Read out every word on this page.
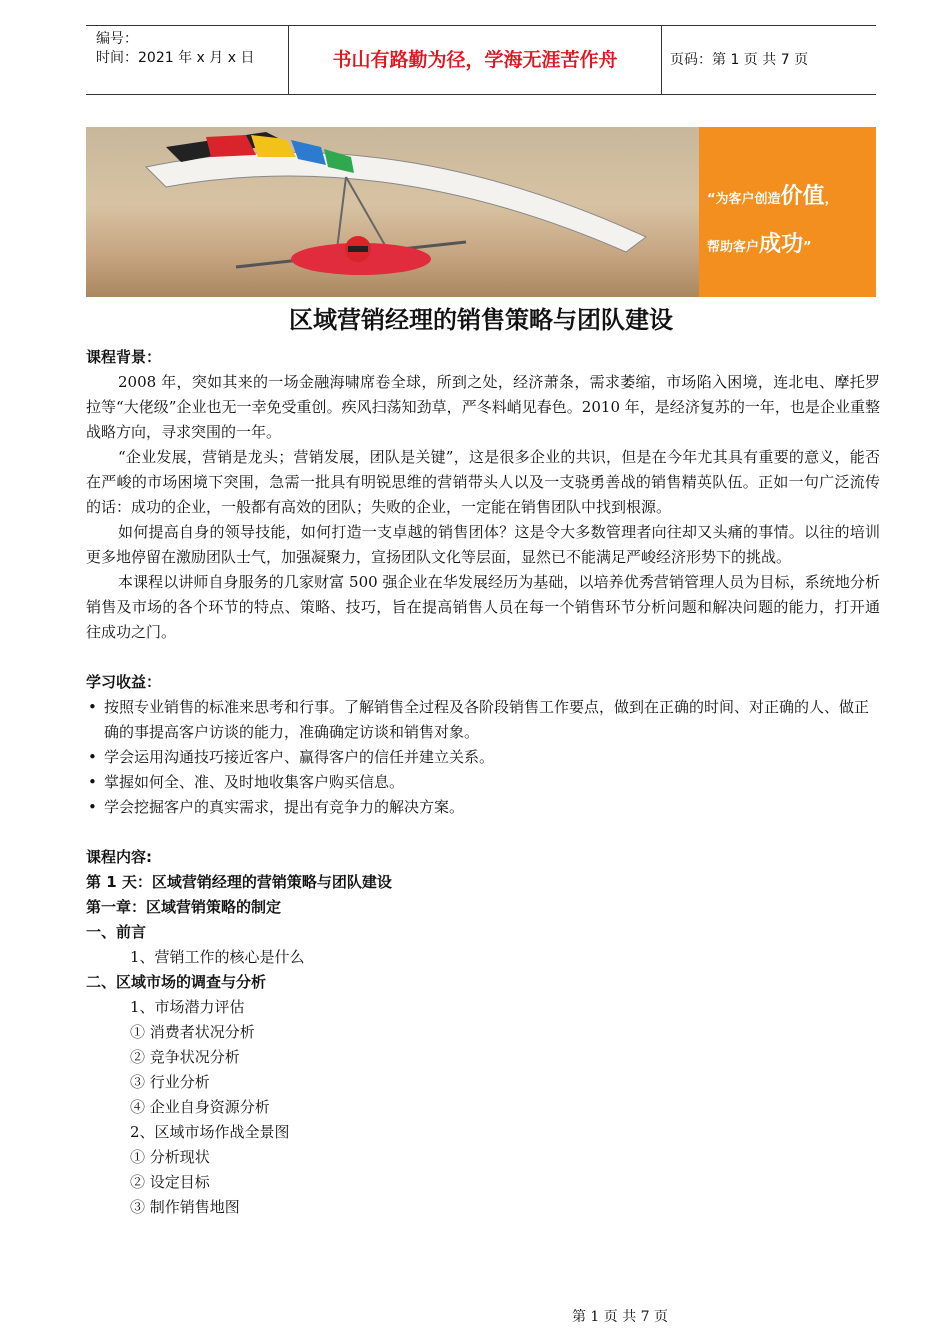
编号：
时间：2021 年 x 月 x 日	书山有路勤为径，学海无涯苦作舟	页码：第 1 页 共 7 页
“为客户创造价值，
帮助客户成功”
区域营销经理的销售策略与团队建设
课程背景：

2008 年，突如其来的一场金融海啸席卷全球，所到之处，经济萧条，需求萎缩，市场陷入困境，连北电、摩托罗拉等“大佬级”企业也无一幸免受重创。疾风扫荡知劲草，严冬料峭见春色。2010 年，是经济复苏的一年，也是企业重整战略方向，寻求突围的一年。

“企业发展，营销是龙头；营销发展，团队是关键”，这是很多企业的共识，但是在今年尤其具有重要的意义，能否在严峻的市场困境下突围，急需一批具有明锐思维的营销带头人以及一支骁勇善战的销售精英队伍。正如一句广泛流传的话：成功的企业，一般都有高效的团队；失败的企业，一定能在销售团队中找到根源。

如何提高自身的领导技能，如何打造一支卓越的销售团体？这是令大多数管理者向往却又头痛的事情。以往的培训更多地停留在激励团队士气，加强凝聚力，宣扬团队文化等层面，显然已不能满足严峻经济形势下的挑战。

本课程以讲师自身服务的几家财富 500 强企业在华发展经历为基础，以培养优秀营销管理人员为目标，系统地分析销售及市场的各个环节的特点、策略、技巧，旨在提高销售人员在每一个销售环节分析问题和解决问题的能力，打开通往成功之门。

学习收益：
• 按照专业销售的标准来思考和行事。了解销售全过程及各阶段销售工作要点，做到在正确的时间、对正确的人、做正确的事提高客户访谈的能力，准确确定访谈和销售对象。
• 学会运用沟通技巧接近客户、赢得客户的信任并建立关系。
• 掌握如何全、准、及时地收集客户购买信息。
• 学会挖掘客户的真实需求，提出有竞争力的解决方案。
课程内容:
第 1 天：区域营销经理的营销策略与团队建设
第一章：区域营销策略的制定
一、前言
1、营销工作的核心是什么
二、区域市场的调查与分析
1、市场潜力评估
① 消费者状况分析
② 竞争状况分析
③ 行业分析
④ 企业自身资源分析
2、区域市场作战全景图
① 分析现状
② 设定目标
③ 制作销售地图
第 1 页 共 7 页
